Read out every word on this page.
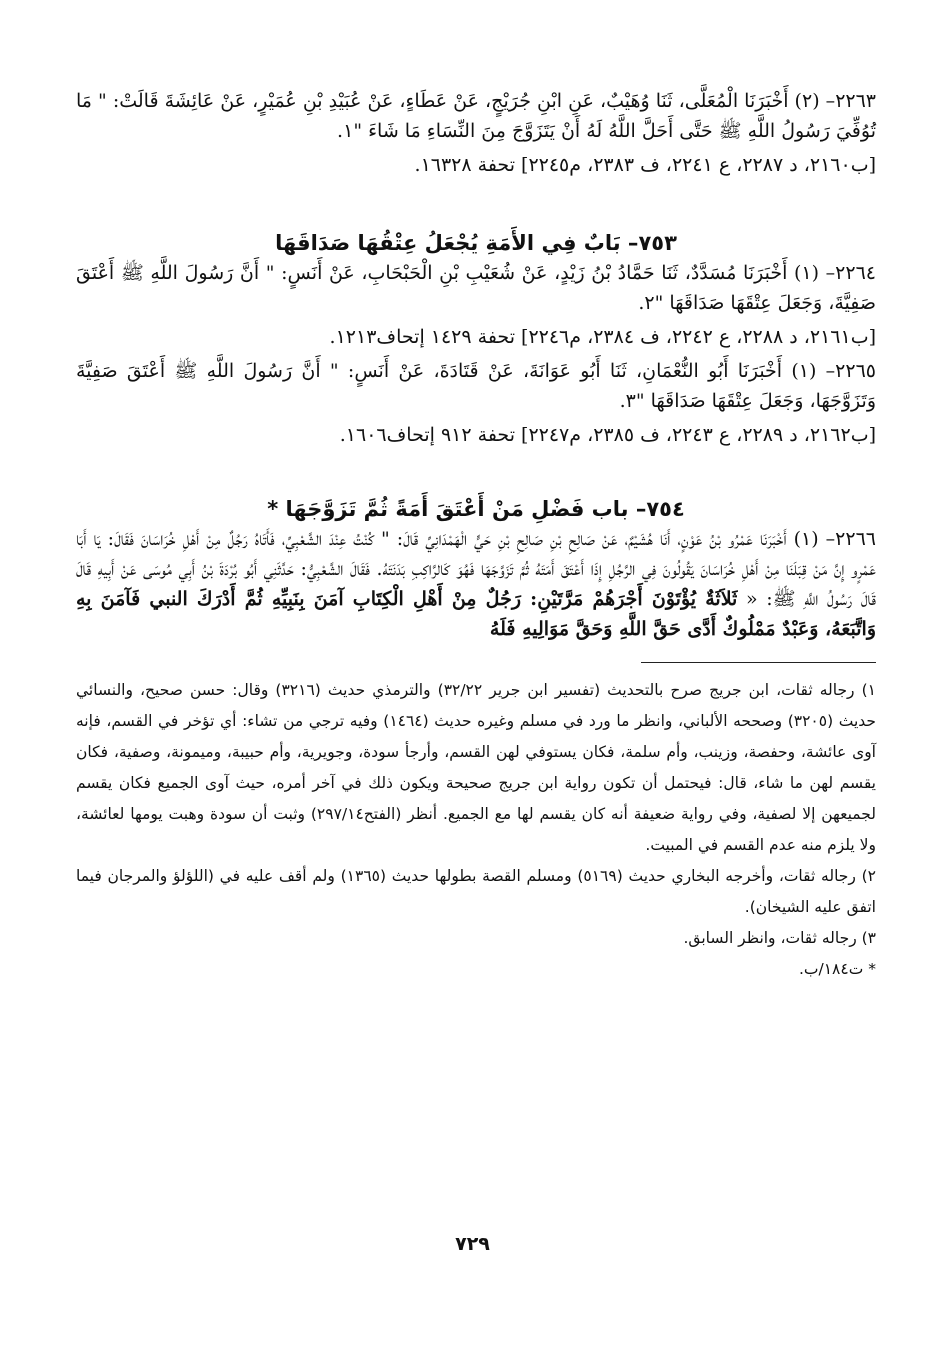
٢٢٦٣– (٢) أَخْبَرَنَا الْمُعَلَّى، ثَنَا وُهَيْبٌ، عَنِ ابْنِ جُرَيْجٍ، عَنْ عَطَاءٍ، عَنْ عُبَيْدِ بْنِ عُمَيْرٍ، عَنْ عَائِشَةَ قَالَتْ: " مَا تُوُفِّيَ رَسُولُ اللَّهِ ﷺ حَتَّى أَحَلَّ اللَّهُ لَهُ أَنْ يَتَزَوَّجَ مِنَ النِّسَاءِ مَا شَاءَ "١.

[ب٢١٦٠، د ٢٢٨٧، ع ٢٢٤١، ف ٢٣٨٣، م٢٢٤٥] تحفة ١٦٣٢٨.

٧٥٣– بَابٌ فِي الأَمَةِ يُجْعَلُ عِتْقُهَا صَدَاقَهَا

٢٢٦٤– (١) أَخْبَرَنَا مُسَدَّدٌ، ثَنَا حَمَّادُ بْنُ زَيْدٍ، عَنْ شُعَيْبِ بْنِ الْحَبْحَابِ، عَنْ أَنَسٍ: " أَنَّ رَسُولَ اللَّهِ ﷺ أَعْتَقَ صَفِيَّةَ، وَجَعَلَ عِتْقَهَا صَدَاقَهَا "٢.

[ب٢١٦١، د ٢٢٨٨، ع ٢٢٤٢، ف ٢٣٨٤، م٢٢٤٦] تحفة ١٤٢٩ إتحاف١٢١٣.

٢٢٦٥– (١) أَخْبَرَنَا أَبُو النُّعْمَانِ، ثَنَا أَبُو عَوَانَةَ، عَنْ قَتَادَةَ، عَنْ أَنَسٍ: " أَنَّ رَسُولَ اللَّهِ ﷺ أَعْتَقَ صَفِيَّةَ وَتَزَوَّجَهَا، وَجَعَلَ عِتْقَهَا صَدَاقَهَا "٣.

[ب٢١٦٢، د ٢٢٨٩، ع ٢٢٤٣، ف ٢٣٨٥، م٢٢٤٧] تحفة ٩١٢ إتحاف١٦٠٦.

٧٥٤– باب فَضْلِ مَنْ أَعْتَقَ أَمَةً ثُمَّ تَزَوَّجَهَا *

٢٢٦٦– (١) أَخْبَرَنَا عَمْرُو بْنُ عَوْنٍ، أَنَا هُشَيْمٌ، عَنْ صَالِحِ بْنِ صَالِحِ بْنِ حَيٍّ الْهَمْدَانِيِّ قَالَ: " كُنْتُ عِنْدَ الشَّعْبِيِّ، فَأَتَاهُ رَجُلٌ مِنْ أَهْلِ خُرَاسَانَ فَقَالَ: يَا أَبَا عَمْرٍو إِنَّ مَنْ قِبَلَنَا مِنْ أَهْلِ خُرَاسَانَ يَقُولُونَ فِي الرَّجُلِ إِذَا أَعْتَقَ أَمَتَهُ ثُمَّ تَزَوَّجَهَا فَهُوَ كَالرَّاكِبِ بَدَنَتَهُ. فَقَالَ الشَّعْبِيُّ: حَدَّثَنِي أَبُو بُرْدَةَ بْنُ أَبِي مُوسَى عَنْ أَبِيهِ قَالَ قَالَ رَسُولُ اللَّهِ ﷺ: « ثَلاَثَةٌ يُؤْتَوْنَ أَجْرَهُمْ مَرَّتَيْنِ: رَجُلٌ مِنْ أَهْلِ الْكِتَابِ آمَنَ بِنَبِيِّهِ ثُمَّ أَدْرَكَ النبي فَآمَنَ بِهِ وَاتَّبَعَهُ، وَعَبْدٌ مَمْلُوكٌ أَدَّى حَقَّ اللَّهِ وَحَقَّ مَوَالِيهِ فَلَهُ

١) رجاله ثقات، ابن جريج صرح بالتحديث (تفسير ابن جرير ٣٢/٢٢) والترمذي حديث (٣٢١٦) وقال: حسن صحيح، والنسائي حديث (٣٢٠٥) وصححه الألباني، وانظر ما ورد في مسلم وغيره حديث (١٤٦٤) وفيه ترجي من تشاء: أي تؤخر في القسم، فإنه آوى عائشة، وحفصة، وزينب، وأم سلمة، فكان يستوفي لهن القسم، وأرجأ سودة، وجويرية، وأم حبيبة، وميمونة، وصفية، فكان يقسم لهن ما شاء، قال: فيحتمل أن تكون رواية ابن جريج صحيحة ويكون ذلك في آخر أمره، حيث آوى الجميع فكان يقسم لجميعهن إلا لصفية، وفي رواية ضعيفة أنه كان يقسم لها مع الجميع. أنظر (الفتح٢٩٧/١٤) وثبت أن سودة وهبت يومها لعائشة، ولا يلزم منه عدم القسم في المبيت.

٢) رجاله ثقات، وأخرجه البخاري حديث (٥١٦٩) ومسلم القصة بطولها حديث (١٣٦٥) ولم أقف عليه في (اللؤلؤ والمرجان فيما اتفق عليه الشيخان).

٣) رجاله ثقات، وانظر السابق.

* ت١٨٤/ب.

٧٢٩
